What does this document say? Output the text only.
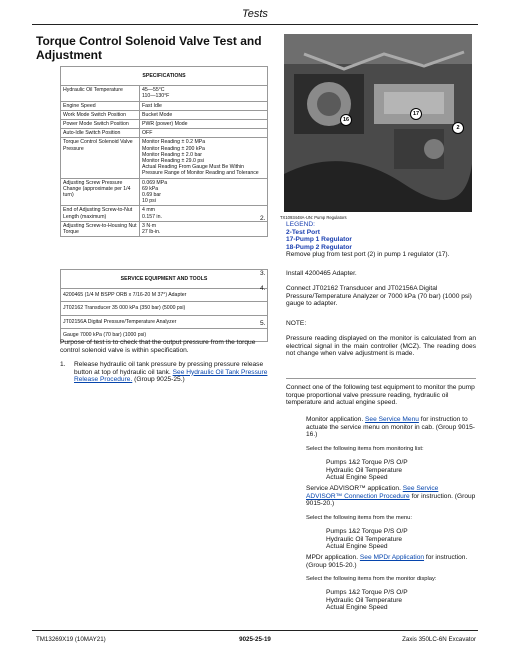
Tests
Torque Control Solenoid Valve Test and Adjustment
SPECIFICATIONS	
Hydraulic Oil Temperature	45—55°C
110—130°F

Engine Speed	Fast Idle
Work Mode Switch Position	Bucket Mode
Power Mode Switch Position	PWR (power) Mode
Auto-Idle Switch Position	OFF
Torque Control Solenoid Valve Pressure	Monitor Reading ± 0.2 MPa
Monitor Reading ± 200 kPa
Monitor Reading ± 2.0 bar
Monitor Reading ± 29.0 psi
Actual Reading From Gauge Must Be Within Pressure Range of Monitor Reading and Tolerance

Adjusting Screw Pressure Change (approximate per 1/4 turn)	0.069 MPa
69 kPa
0.69 bar
10 psi

End of Adjusting Screw-to-Nut Length (maximum)	4 mm
0.157 in.

Adjusting Screw-to-Housing Nut Torque	3 N·m
27 lb-in.
SERVICE EQUIPMENT AND TOOLS
4200465 (1/4 M BSPP ORB x 7/16-20 M 37°) Adapter
JT02162 Transducer 35 000 kPa (350 bar) (5000 psi)
JT02156A Digital Pressure/Temperature Analyzer
Gauge 7000 kPa (70 bar) (1000 psi)
Purpose of test is to check that the output pressure from the torque control solenoid valve is within specification.
1. Release hydraulic oil tank pressure by pressing pressure release button at top of hydraulic oil tank. See Hydraulic Oil Tank Pressure Release Procedure. (Group 9025-25.)
16
17
2
TX1093448A-UN: Pump Regulators
2.
LEGEND:
2-Test Port
17-Pump 1 Regulator
18-Pump 2 Regulator
Remove plug from test port (2) in pump 1 regulator (17).
3.	Install 4200465 Adapter.
4.	Connect JT02162 Transducer and JT02156A Digital Pressure/Temperature Analyzer or 7000 kPa (70 bar) (1000 psi) gauge to adapter.
5.	NOTE:
Pressure reading displayed on the monitor is calculated from an electrical signal in the main controller (MCZ). The reading does not change when valve adjustment is made.
Connect one of the following test equipment to monitor the pump torque proportional valve pressure reading, hydraulic oil temperature and actual engine speed.
Monitor application. See Service Menu for instruction to actuate the service menu on monitor in cab. (Group 9015-16.)
Select the following items from monitoring list:
Pumps 1&2 Torque P/S O/P
Hydraulic Oil Temperature
Actual Engine Speed
Service ADVISOR™ application. See Service ADVISOR™ Connection Procedure for instruction. (Group 9015-20.)
Select the following items from the menu:
Pumps 1&2 Torque P/S O/P
Hydraulic Oil Temperature
Actual Engine Speed
MPDr application. See MPDr Application for instruction. (Group 9015-20.)
Select the following items from the monitor display:
Pumps 1&2 Torque P/S O/P
Hydraulic Oil Temperature
Actual Engine Speed
TM13269X19 (10MAY21)	9025-25-19	Zaxis 350LC-6N Excavator
